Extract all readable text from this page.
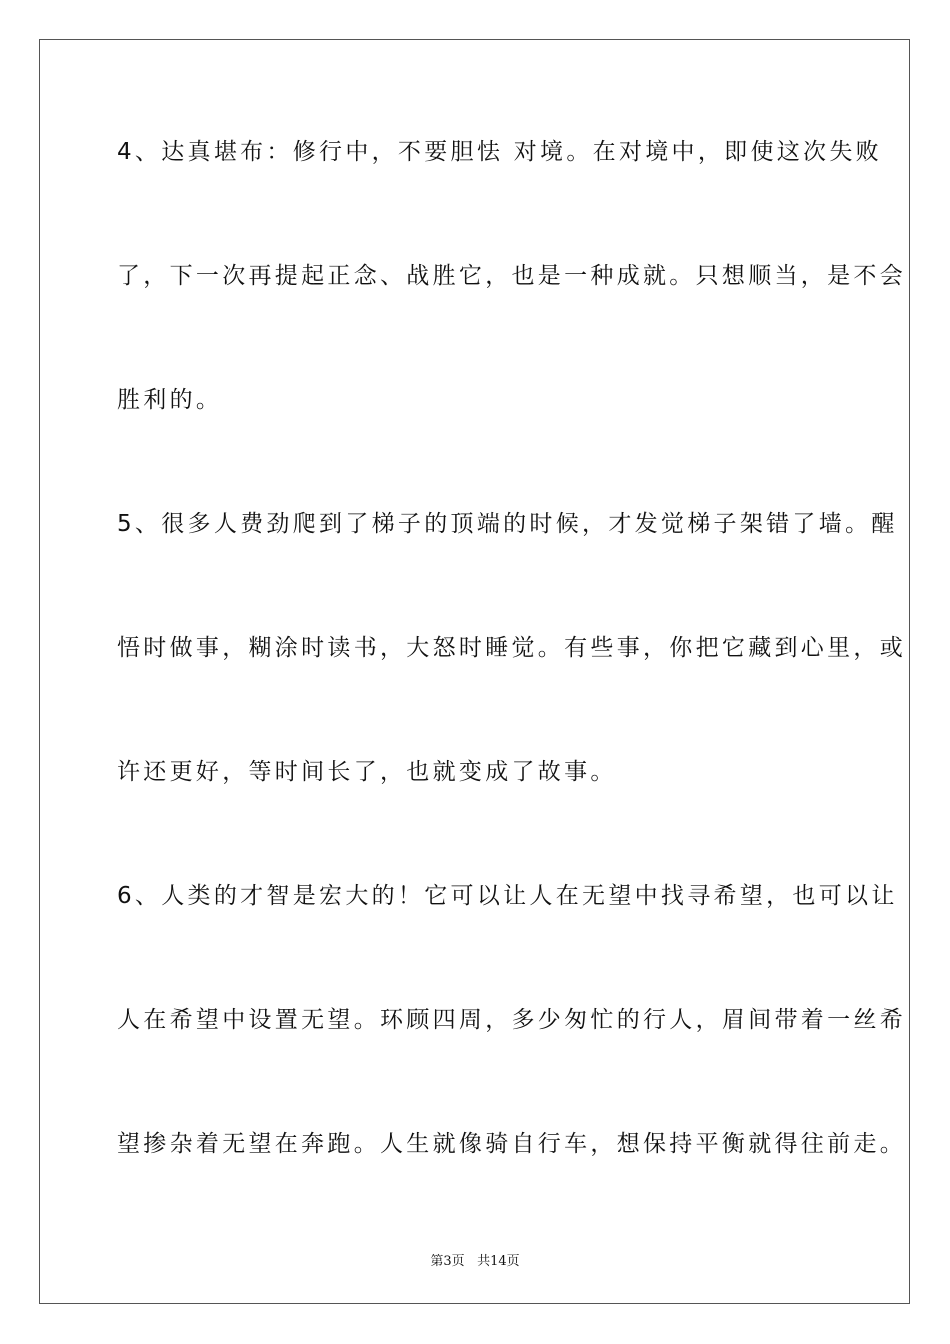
4、达真堪布：修行中，不要胆怯 对境。在对境中，即使这次失败
了，下一次再提起正念、战胜它，也是一种成就。只想顺当，是不会
胜利的。
5、很多人费劲爬到了梯子的顶端的时候，才发觉梯子架错了墙。醒
悟时做事，糊涂时读书，大怒时睡觉。有些事，你把它藏到心里，或
许还更好，等时间长了，也就变成了故事。
6、人类的才智是宏大的！它可以让人在无望中找寻希望，也可以让
人在希望中设置无望。环顾四周，多少匆忙的行人，眉间带着一丝希
望掺杂着无望在奔跑。人生就像骑自行车，想保持平衡就得往前走。
第3页 共14页
